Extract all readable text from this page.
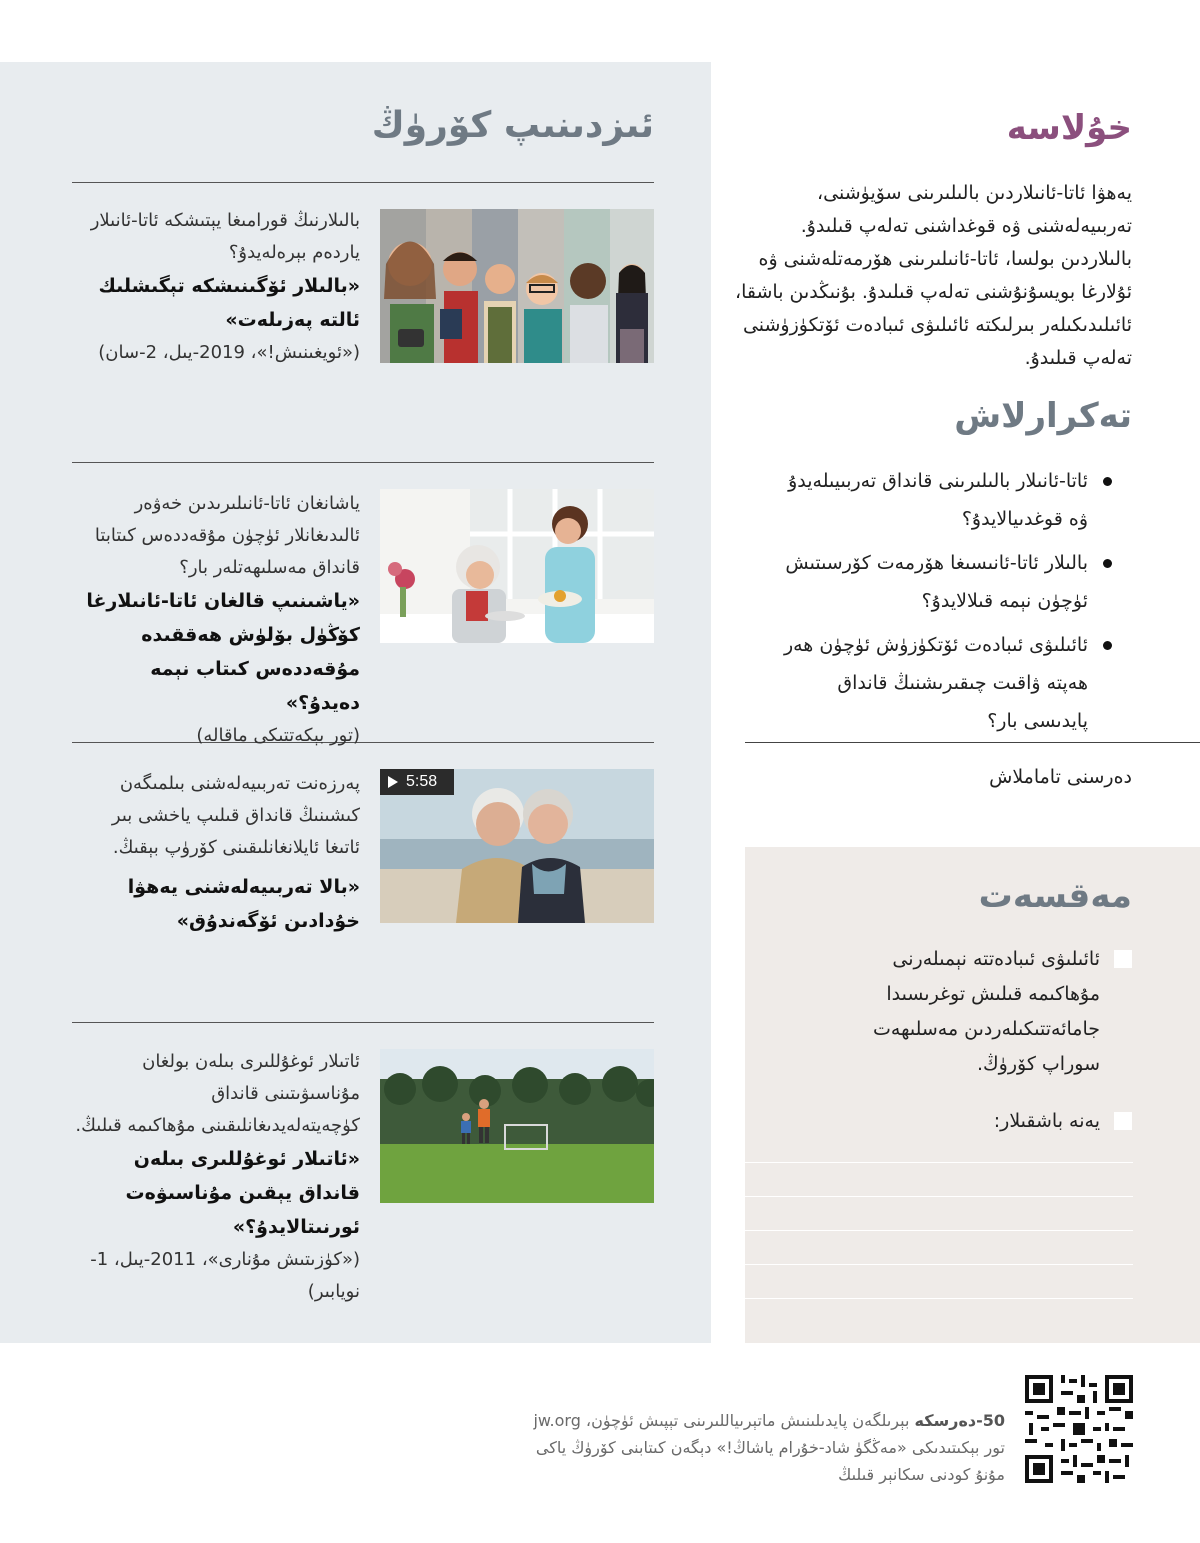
ئىزدىنىپ كۆرۈڭ
بالىلارنىڭ قورامىغا يېتىشكە ئاتا-ئانىلار ياردەم بېرەلەيدۇ؟
«بالىلار ئۆگىنىشكە تېگىشلىك ئالتە پەزىلەت»
(«ئويغىنىش!»، 2019-يىل، 2-سان)
ياشانغان ئاتا-ئانىلىرىدىن خەۋەر ئالىدىغانلار ئۈچۈن مۇقەددەس كىتابتا قانداق مەسلىھەتلەر بار؟
«ياشىنىپ قالغان ئاتا-ئانىلارغا كۆڭۈل بۆلۈش ھەققىدە مۇقەددەس كىتاب نېمە دەيدۇ؟»
(تور بېكەتتىكى ماقالە)
پەرزەنت تەربىيەلەشنى بىلمىگەن كىشىنىڭ قانداق قىلىپ ياخشى بىر ئاتىغا ئايلانغانلىقىنى كۆرۈپ بېقىڭ.
«بالا تەربىيەلەشنى يەھۋا خۇدادىن ئۆگەندۇق»
5:58
ئاتىلار ئوغۇللىرى بىلەن بولغان مۇناسىۋىتىنى قانداق كۈچەيتەلەيدىغانلىقىنى مۇھاكىمە قىلىڭ.
«ئاتىلار ئوغۇللىرى بىلەن قانداق يېقىن مۇناسىۋەت ئورنىتالايدۇ؟»
(«كۈزىتىش مۇنارى»، 2011-يىل، 1-نويابىر)
خۇلاسە
يەھۋا ئاتا-ئانىلاردىن بالىلىرىنى سۆيۈشنى، تەربىيەلەشنى ۋە قوغداشنى تەلەپ قىلىدۇ. بالىلاردىن بولسا، ئاتا-ئانىلىرىنى ھۆرمەتلەشنى ۋە ئۇلارغا بويسۇنۇشنى تەلەپ قىلىدۇ. بۇنىڭدىن باشقا، ئائىلىدىكىلەر بىرلىكتە ئائىلىۋى ئىبادەت ئۆتكۈزۈشنى تەلەپ قىلىدۇ.
تەكرارلاش
ئاتا-ئانىلار بالىلىرىنى قانداق تەربىيىلەيدۇ ۋە قوغدىيالايدۇ؟
بالىلار ئاتا-ئانىسىغا ھۆرمەت كۆرسىتىش ئۈچۈن نېمە قىلالايدۇ؟
ئائىلىۋى ئىبادەت ئۆتكۈزۈش ئۈچۈن ھەر ھەپتە ۋاقىت چىقىرىشنىڭ قانداق پايدىسى بار؟
دەرسنى تاماملاش
مەقسەت
ئائىلىۋى ئىبادەتتە نېمىلەرنى مۇھاكىمە قىلىش توغرىسىدا جامائەتتىكىلەردىن مەسلىھەت سوراپ كۆرۈڭ.
يەنە باشقىلار:
50-دەرسكە بېرىلگەن پايدىلىنىش ماتېرىياللىرىنى تېپىش ئۈچۈن، jw.org تور بېكىتىدىكى «مەڭگۈ شاد-خۇرام ياشاڭ!» دېگەن كىتابنى كۆرۈڭ ياكى مۇنۇ كودنى سكانېر قىلىڭ
